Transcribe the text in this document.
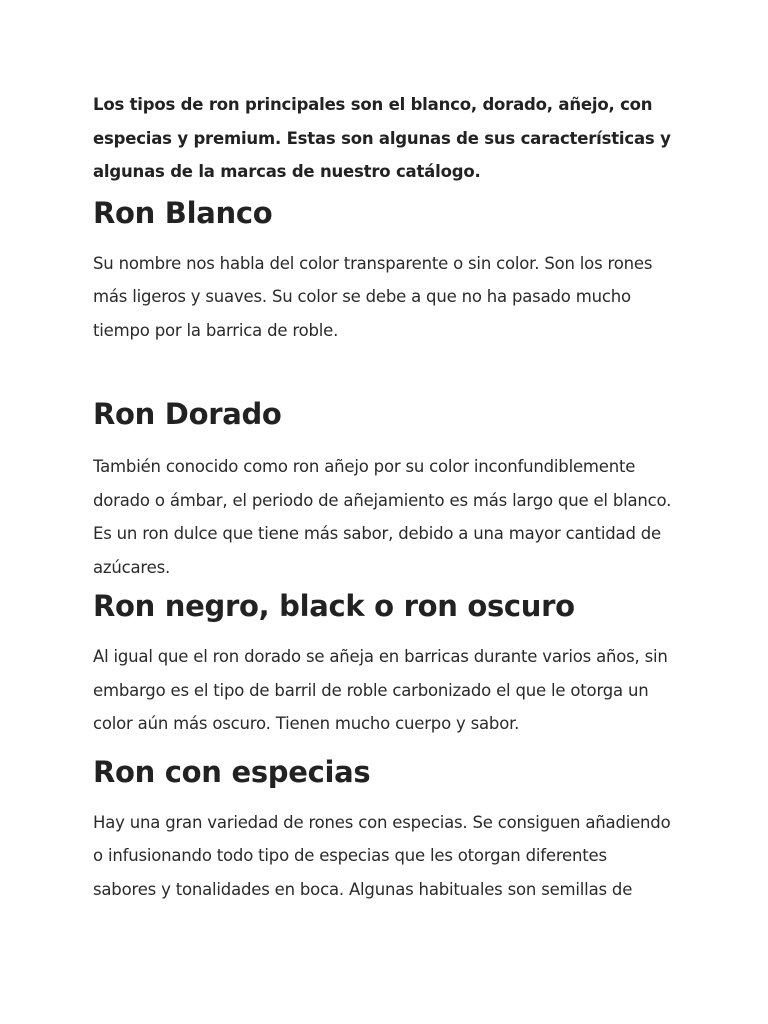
Los tipos de ron principales son el blanco, dorado, añejo, con
especias y premium. Estas son algunas de sus características y
algunas de la marcas de nuestro catálogo.

Ron Blanco

Su nombre nos habla del color transparente o sin color. Son los rones
más ligeros y suaves. Su color se debe a que no ha pasado mucho
tiempo por la barrica de roble.

Ron Dorado

También conocido como ron añejo por su color inconfundiblemente
dorado o ámbar, el periodo de añejamiento es más largo que el blanco.
Es un ron dulce que tiene más sabor, debido a una mayor cantidad de
azúcares.

Ron negro, black o ron oscuro

Al igual que el ron dorado se añeja en barricas durante varios años, sin
embargo es el tipo de barril de roble carbonizado el que le otorga un
color aún más oscuro. Tienen mucho cuerpo y sabor.

Ron con especias

Hay una gran variedad de rones con especias. Se consiguen añadiendo
o infusionando todo tipo de especias que les otorgan diferentes
sabores y tonalidades en boca. Algunas habituales son semillas de
